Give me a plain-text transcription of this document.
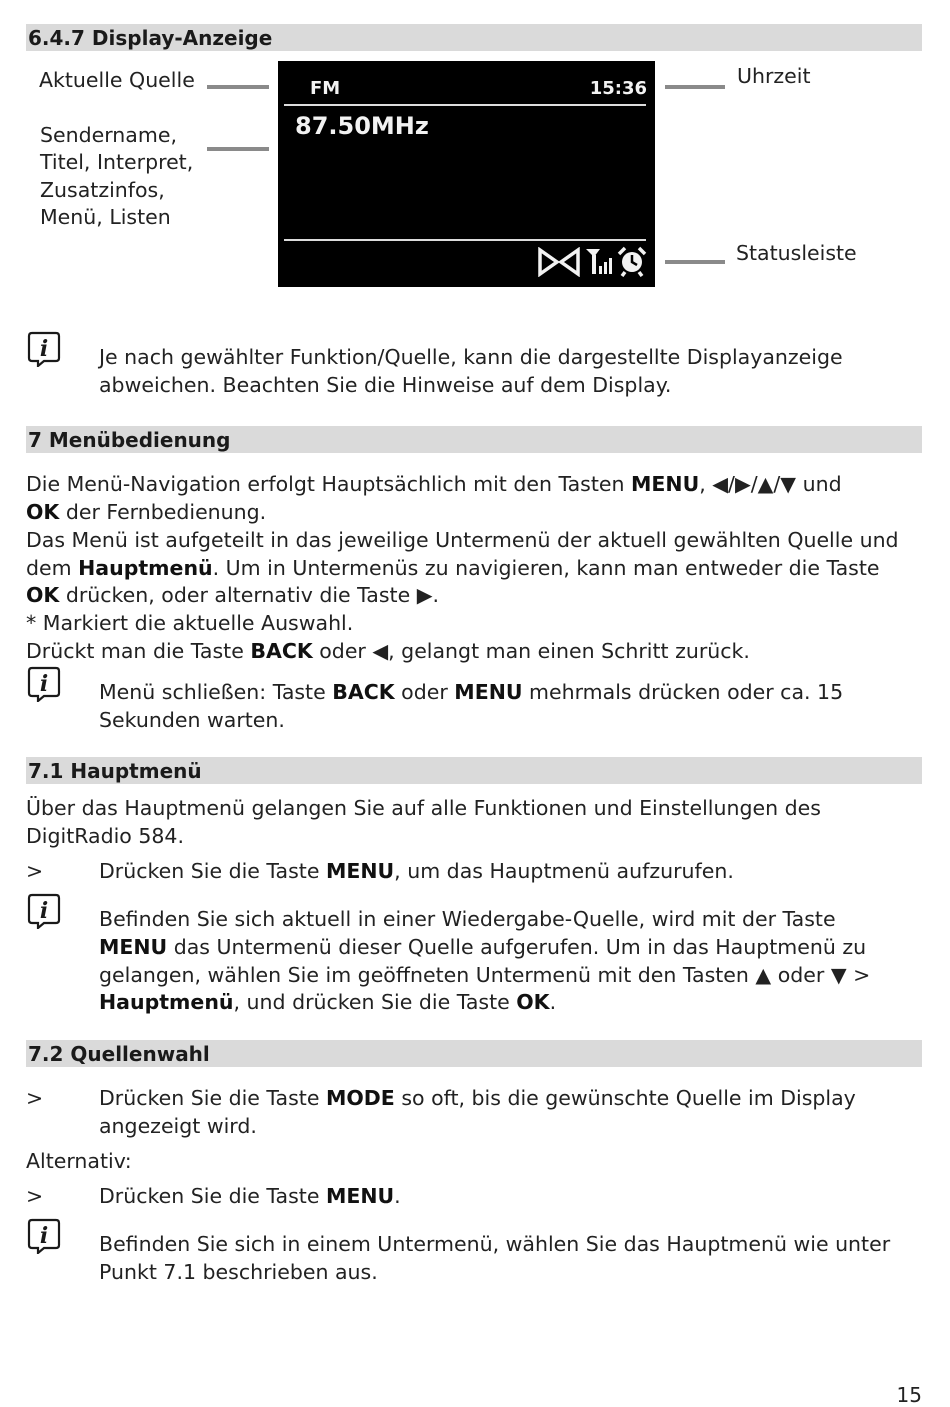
6.4.7 Display-Anzeige
Aktuelle Quelle
Sendername,
Titel, Interpret,
Zusatzinfos,
Menü, Listen
Uhrzeit
Statusleiste
FM	15:36
87.50MHz
i Je nach gewählter Funktion/Quelle, kann die dargestellte Displayanzeige
abweichen. Beachten Sie die Hinweise auf dem Display.
7 Menübedienung
Die Menü-Navigation erfolgt Hauptsächlich mit den Tasten MENU, ◀/▶/▲/▼ und
OK der Fernbedienung.
Das Menü ist aufgeteilt in das jeweilige Untermenü der aktuell gewählten Quelle und
dem Hauptmenü. Um in Untermenüs zu navigieren, kann man entweder die Taste
OK drücken, oder alternativ die Taste ▶.
* Markiert die aktuelle Auswahl.
Drückt man die Taste BACK oder ◀, gelangt man einen Schritt zurück.
i Menü schließen: Taste BACK oder MENU mehrmals drücken oder ca. 15
Sekunden warten.
7.1 Hauptmenü
Über das Hauptmenü gelangen Sie auf alle Funktionen und Einstellungen des
DigitRadio 584.
>	Drücken Sie die Taste MENU, um das Hauptmenü aufzurufen.
i Befinden Sie sich aktuell in einer Wiedergabe-Quelle, wird mit der Taste
MENU das Untermenü dieser Quelle aufgerufen. Um in das Hauptmenü zu
gelangen, wählen Sie im geöffneten Untermenü mit den Tasten ▲ oder ▼ >
Hauptmenü, und drücken Sie die Taste OK.
7.2 Quellenwahl
>	Drücken Sie die Taste MODE so oft, bis die gewünschte Quelle im Display
angezeigt wird.
Alternativ:
>	Drücken Sie die Taste MENU.
i Befinden Sie sich in einem Untermenü, wählen Sie das Hauptmenü wie unter
Punkt 7.1 beschrieben aus.
15
